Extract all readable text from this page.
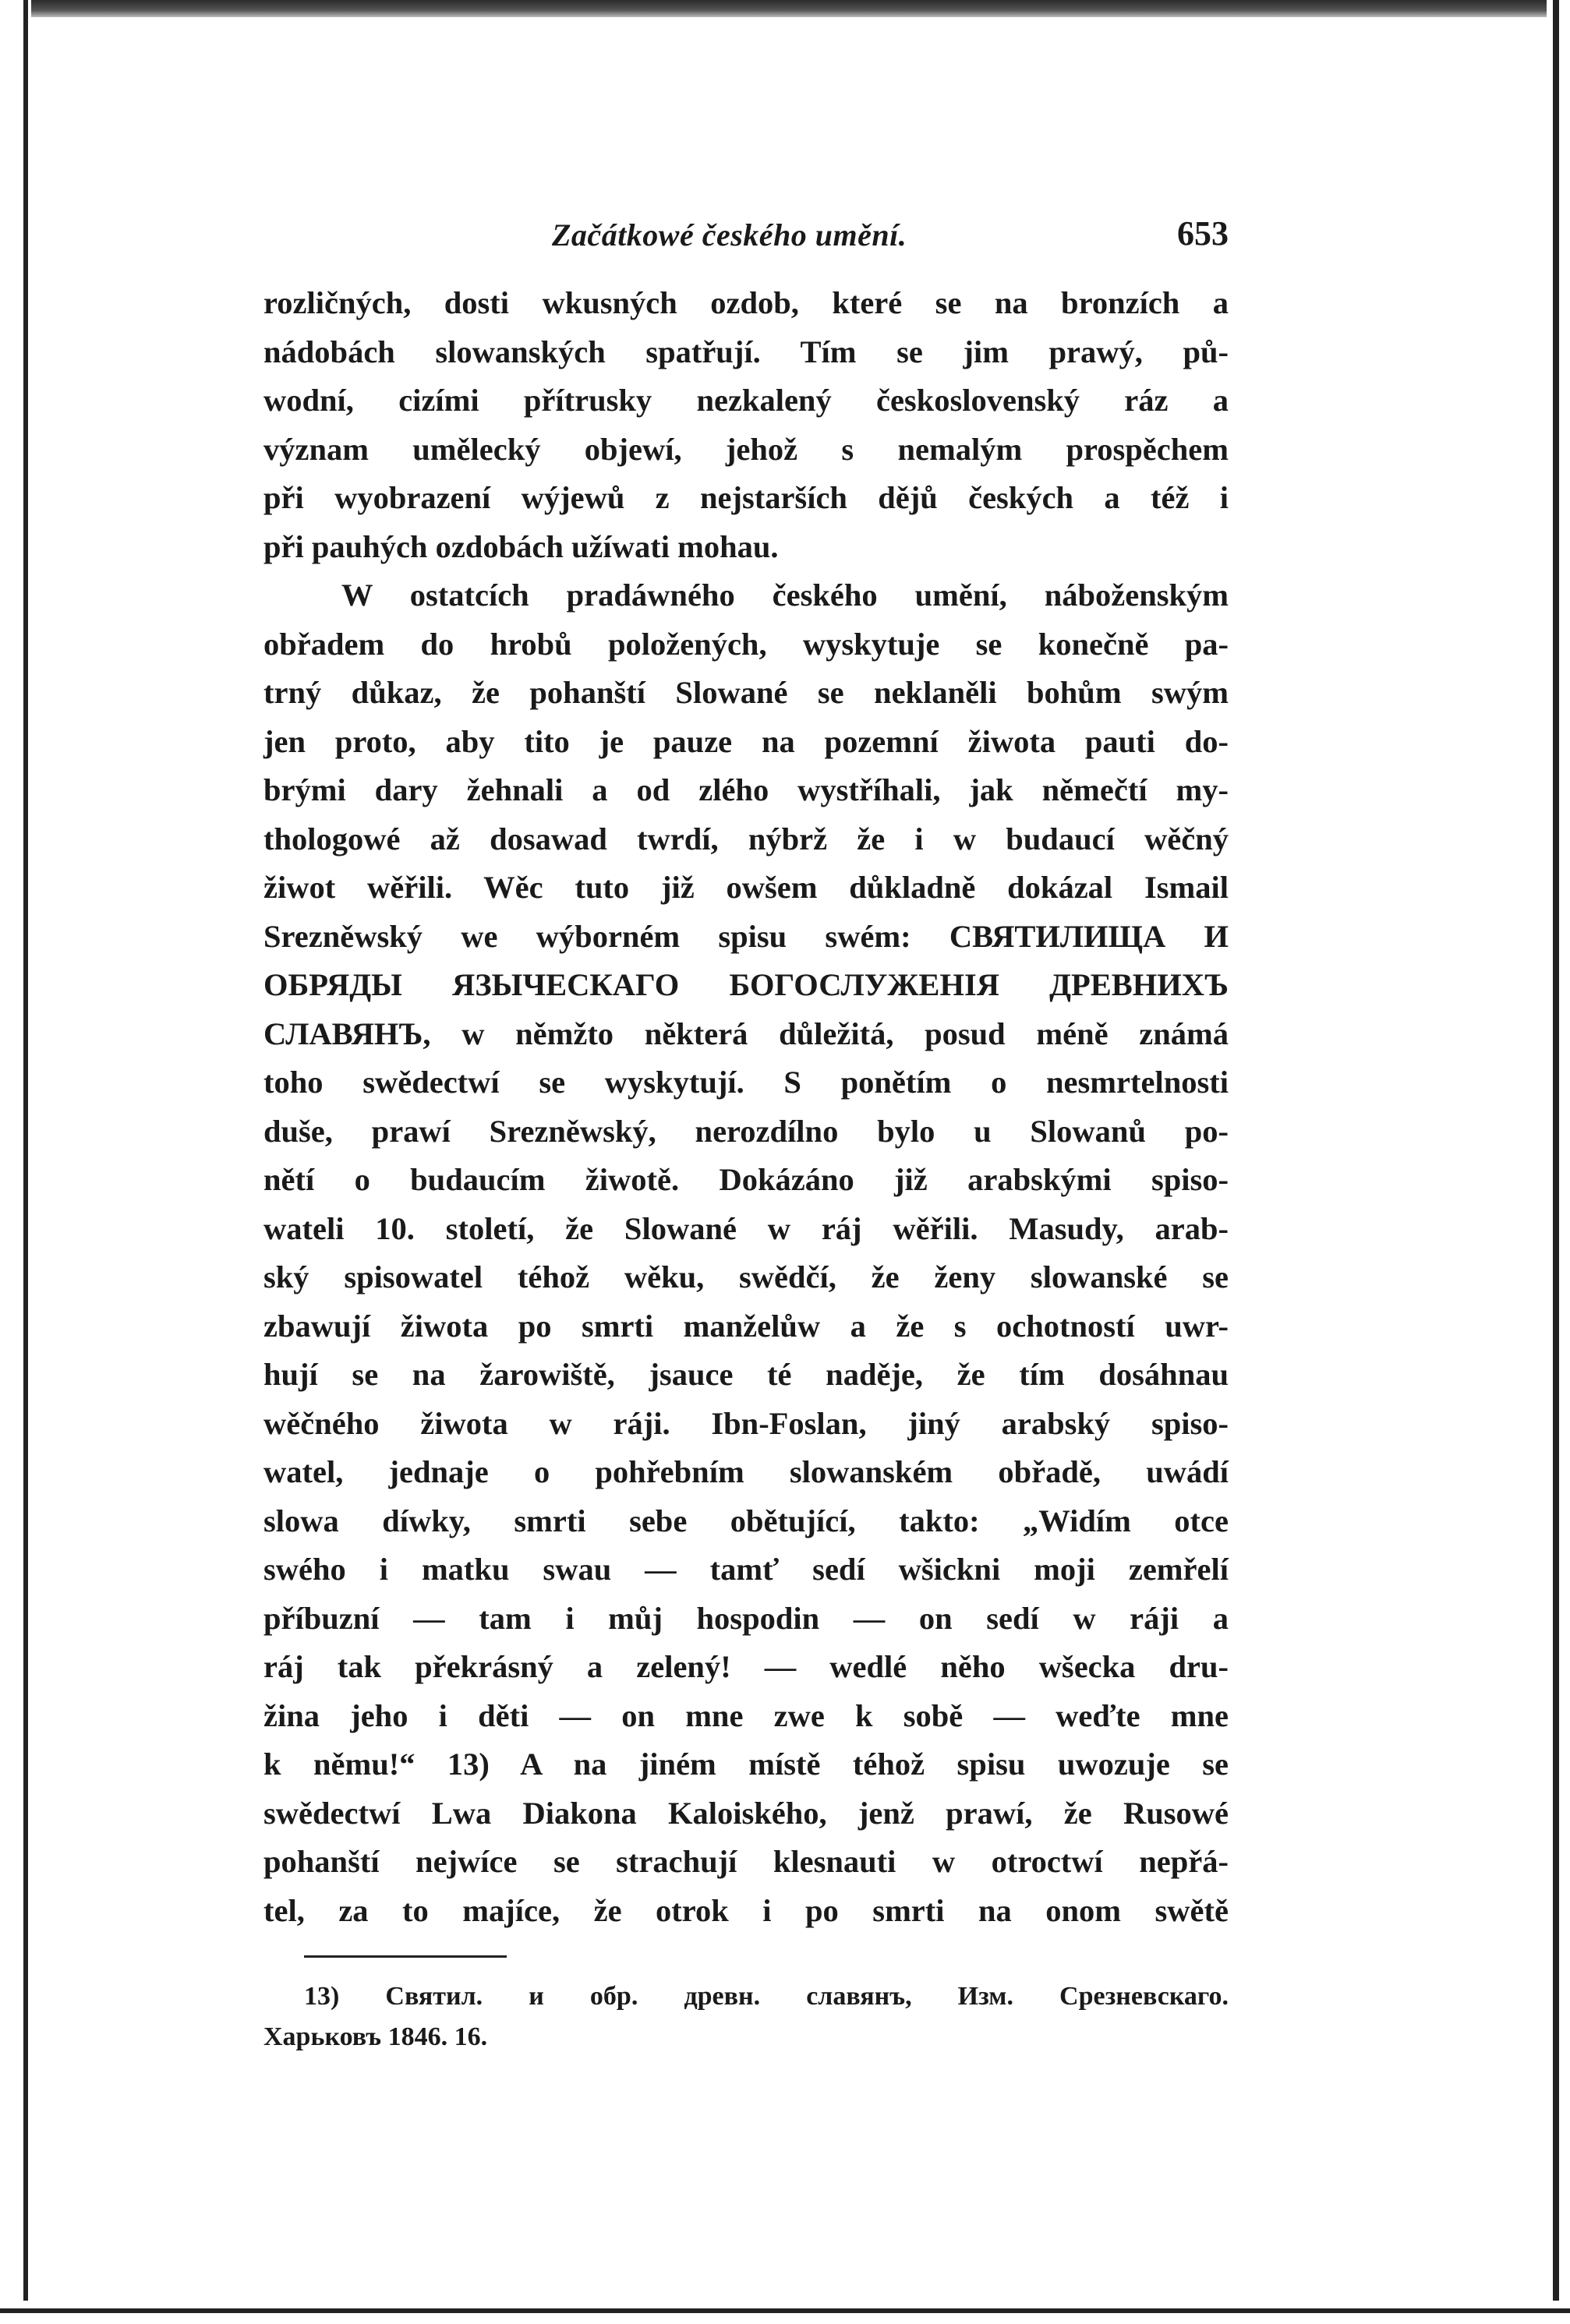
Začátkowé českého umění.	653
rozličných, dosti wkusných ozdob, které se na bronzích a
nádobách slowanských spatřují. Tím se jim prawý, pů-
wodní, cizími přítrusky nezkalený československý ráz a
význam umělecký objewí, jehož s nemalým prospěchem
při wyobrazení wýjewů z nejstarších dějů českých a též i
při pauhých ozdobách užíwati mohau.
W ostatcích pradáwného českého umění, náboženským
obřadem do hrobů položených, wyskytuje se konečně pa-
trný důkaz, že pohanští Slowané se neklaněli bohům swým
jen proto, aby tito je pauze na pozemní žiwota pauti do-
brými dary žehnali a od zlého wystříhali, jak němečtí my-
thologowé až dosawad twrdí, nýbrž že i w budaucí wěčný
žiwot wěřili. Wěc tuto již owšem důkladně dokázal Ismail
Srezněwský we wýborném spisu swém: СВЯТИЛИЩА И
ОБРЯДЫ ЯЗЫЧЕСКАГО БОГОСЛУЖЕНІЯ ДРЕВНИХЪ
СЛАВЯНЪ, w němžto některá důležitá, posud méně známá
toho swědectwí se wyskytují. S ponětím o nesmrtelnosti
duše, prawí Srezněwský, nerozdílno bylo u Slowanů po-
nětí o budaucím žiwotě. Dokázáno již arabskými spiso-
wateli 10. století, že Slowané w ráj wěřili. Masudy, arab-
ský spisowatel téhož wěku, swědčí, že ženy slowanské se
zbawují žiwota po smrti manželůw a že s ochotností uwr-
hují se na žarowiště, jsauce té naděje, že tím dosáhnau
wěčného žiwota w ráji. Ibn-Foslan, jiný arabský spiso-
watel, jednaje o pohřebním slowanském obřadě, uwádí
slowa díwky, smrti sebe obětující, takto: „Widím otce
swého i matku swau — tamť sedí wšickni moji zemřelí
příbuzní — tam i můj hospodin — on sedí w ráji a
ráj tak překrásný a zelený! — wedlé něho wšecka dru-
žina jeho i děti — on mne zwe k sobě — weďte mne
k němu!“ 13) A na jiném místě téhož spisu uwozuje se
swědectwí Lwa Diakona Kaloiského, jenž prawí, že Rusowé
pohanští nejwíce se strachují klesnauti w otroctwí nepřá-
tel, za to majíce, že otrok i po smrti na onom swětě
13) Святил. и обр. древн. славянъ, Изм. Срезневскаго.
Харьковъ 1846. 16.
